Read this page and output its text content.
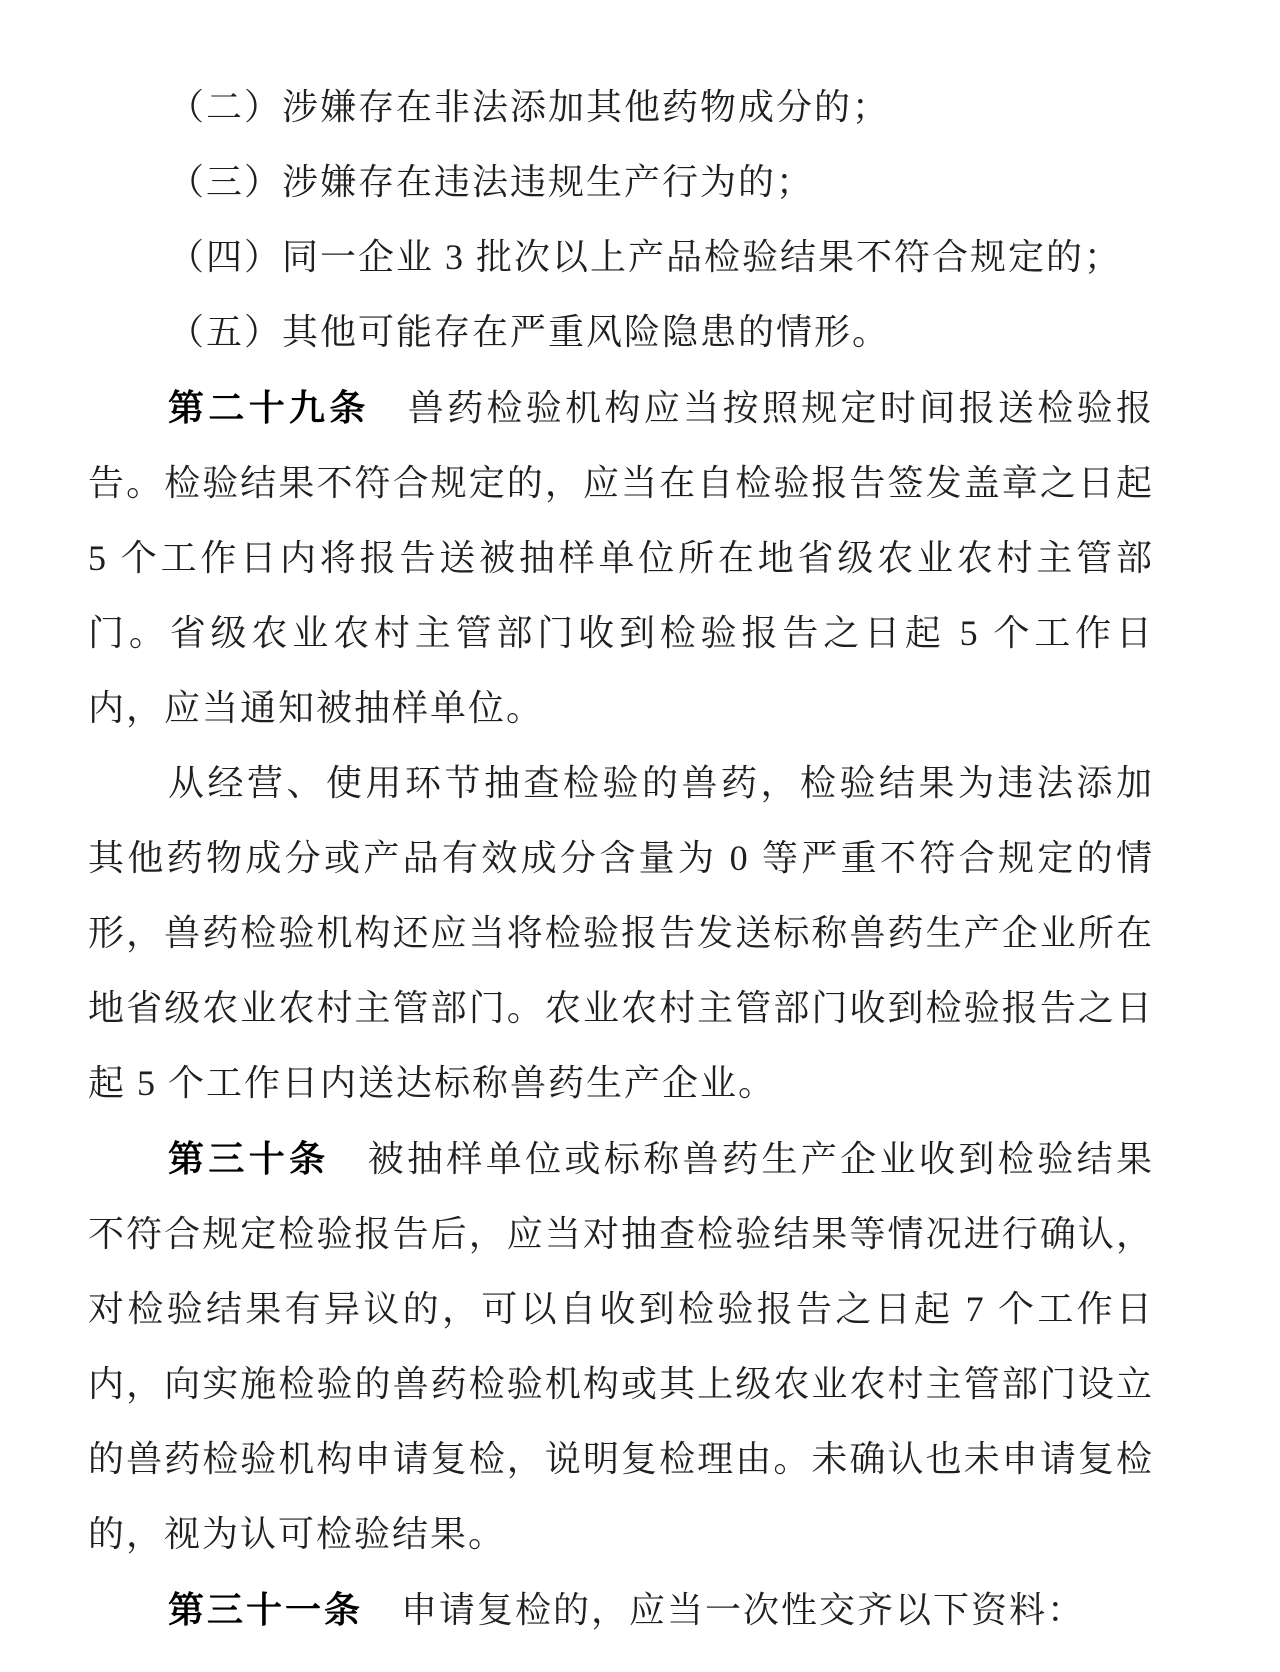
（二）涉嫌存在非法添加其他药物成分的；

（三）涉嫌存在违法违规生产行为的；

（四）同一企业 3 批次以上产品检验结果不符合规定的；

（五）其他可能存在严重风险隐患的情形。

第二十九条 兽药检验机构应当按照规定时间报送检验报告。检验结果不符合规定的，应当在自检验报告签发盖章之日起 5 个工作日内将报告送被抽样单位所在地省级农业农村主管部门。省级农业农村主管部门收到检验报告之日起 5 个工作日内，应当通知被抽样单位。

从经营、使用环节抽查检验的兽药，检验结果为违法添加其他药物成分或产品有效成分含量为 0 等严重不符合规定的情形，兽药检验机构还应当将检验报告发送标称兽药生产企业所在地省级农业农村主管部门。农业农村主管部门收到检验报告之日起 5 个工作日内送达标称兽药生产企业。

第三十条 被抽样单位或标称兽药生产企业收到检验结果不符合规定检验报告后，应当对抽查检验结果等情况进行确认，对检验结果有异议的，可以自收到检验报告之日起 7 个工作日内，向实施检验的兽药检验机构或其上级农业农村主管部门设立的兽药检验机构申请复检，说明复检理由。未确认也未申请复检的，视为认可检验结果。

第三十一条 申请复检的，应当一次性交齐以下资料：
